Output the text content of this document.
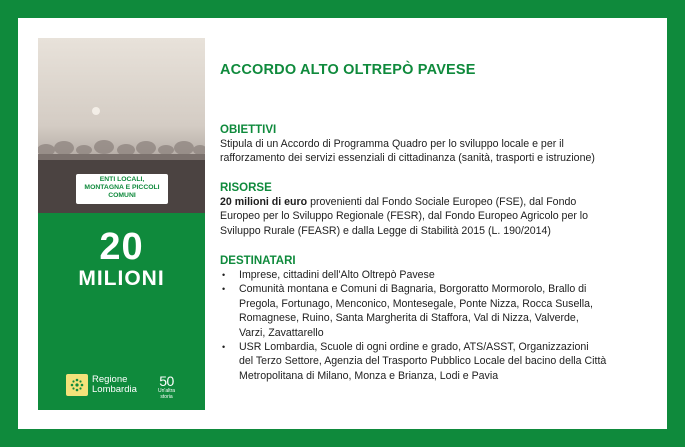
ENTI LOCALI,
MONTAGNA E PICCOLI
COMUNI
20
MILIONI
Regione
Lombardia
50
Un'altra
storia
ACCORDO ALTO OLTREPÒ PAVESE
OBIETTIVI
Stipula di un Accordo di Programma Quadro per lo sviluppo locale e per il
rafforzamento dei servizi essenziali di cittadinanza (sanità, trasporti e istruzione)
RISORSE
20 milioni di euro provenienti dal Fondo Sociale Europeo (FSE), dal Fondo
Europeo per lo Sviluppo Regionale (FESR), dal Fondo Europeo Agricolo per lo
Sviluppo Rurale (FEASR) e dalla Legge di Stabilità 2015 (L. 190/2014)
DESTINATARI
• Imprese, cittadini dell'Alto Oltrepò Pavese
• Comunità montana e Comuni di Bagnaria, Borgoratto Mormorolo, Brallo di
Pregola, Fortunago, Menconico, Montesegale, Ponte Nizza, Rocca Susella,
Romagnese, Ruino, Santa Margherita di Staffora, Val di Nizza, Valverde,
Varzi, Zavattarello
• USR Lombardia, Scuole di ogni ordine e grado, ATS/ASST, Organizzazioni
del Terzo Settore, Agenzia del Trasporto Pubblico Locale del bacino della Città
Metropolitana di Milano, Monza e Brianza, Lodi e Pavia
